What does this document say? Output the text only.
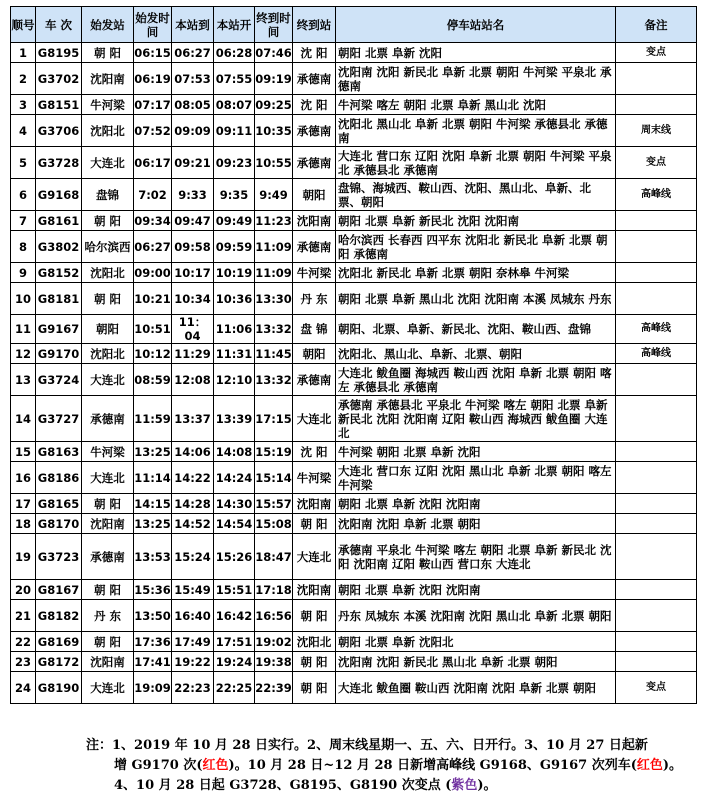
顺号	车 次	始发站	始发时间	本站到	本站开	终到时间	终到站	停车站站名	备注
1	G8195	朝 阳	06:15	06:27	06:28	07:46	沈 阳	朝阳 北票 阜新 沈阳	变点
2	G3702	沈阳南	06:19	07:53	07:55	09:19	承德南	沈阳南 沈阳 新民北 阜新 北票 朝阳 牛河梁 平泉北 承德南	
3	G8151	牛河梁	07:17	08:05	08:07	09:25	沈 阳	牛河梁 喀左 朝阳 北票 阜新 黑山北 沈阳	
4	G3706	沈阳北	07:52	09:09	09:11	10:35	承德南	沈阳北 黑山北 阜新 北票 朝阳 牛河梁 承德县北 承德南	周末线
5	G3728	大连北	06:17	09:21	09:23	10:55	承德南	大连北 营口东 辽阳 沈阳 阜新 北票 朝阳 牛河梁 平泉北 承德县北 承德南	变点
6	G9168	盘锦	7:02	9:33	9:35	9:49	朝阳	盘锦、海城西、鞍山西、沈阳、黑山北、阜新、北票、朝阳	高峰线
7	G8161	朝 阳	09:34	09:47	09:49	11:23	沈阳南	朝阳 北票 阜新 新民北 沈阳 沈阳南	
8	G3802	哈尔滨西	06:27	09:58	09:59	11:09	承德南	哈尔滨西 长春西 四平东 沈阳北 新民北 阜新 北票 朝阳 承德南	
9	G8152	沈阳北	09:00	10:17	10:19	11:09	牛河梁	沈阳北 新民北 阜新 北票 朝阳 奈林皋 牛河梁	
10	G8181	朝 阳	10:21	10:34	10:36	13:30	丹 东	朝阳 北票 阜新 黑山北 沈阳 沈阳南 本溪 凤城东 丹东	
11	G9167	朝阳	10:51	11：04	11:06	13:32	盘 锦	朝阳、北票、阜新、新民北、沈阳、鞍山西、盘锦	高峰线
12	G9170	沈阳北	10:12	11:29	11:31	11:45	朝阳	沈阳北、黑山北、阜新、北票、朝阳	高峰线
13	G3724	大连北	08:59	12:08	12:10	13:32	承德南	大连北 鲅鱼圈 海城西 鞍山西 沈阳 阜新 北票 朝阳 喀左 承德县北 承德南	
14	G3727	承德南	11:59	13:37	13:39	17:15	大连北	承德南 承德县北 平泉北 牛河梁 喀左 朝阳 北票 阜新 新民北 沈阳 沈阳南 辽阳 鞍山西 海城西 鲅鱼圈 大连北	
15	G8163	牛河梁	13:25	14:06	14:08	15:19	沈 阳	牛河梁 朝阳 北票 阜新 沈阳	
16	G8186	大连北	11:14	14:22	14:24	15:14	牛河梁	大连北 营口东 辽阳 沈阳 黑山北 阜新 北票 朝阳 喀左 牛河梁	
17	G8165	朝 阳	14:15	14:28	14:30	15:57	沈阳南	朝阳 北票 阜新 沈阳 沈阳南	
18	G8170	沈阳南	13:25	14:52	14:54	15:08	朝 阳	沈阳南 沈阳 阜新 北票 朝阳	
19	G3723	承德南	13:53	15:24	15:26	18:47	大连北	承德南 平泉北 牛河梁 喀左 朝阳 北票 阜新 新民北 沈阳 沈阳南 辽阳 鞍山西 营口东 大连北	
20	G8167	朝 阳	15:36	15:49	15:51	17:18	沈阳南	朝阳 北票 阜新 沈阳 沈阳南	
21	G8182	丹 东	13:50	16:40	16:42	16:56	朝 阳	丹东 凤城东 本溪 沈阳南 沈阳 黑山北 阜新 北票 朝阳	
22	G8169	朝 阳	17:36	17:49	17:51	19:02	沈阳北	朝阳 北票 阜新 沈阳北	
23	G8172	沈阳南	17:41	19:22	19:24	19:38	朝 阳	沈阳南 沈阳 新民北 黑山北 阜新 北票 朝阳	
24	G8190	大连北	19:09	22:23	22:25	22:39	朝 阳	大连北 鲅鱼圈 鞍山西 沈阳南 沈阳 阜新 北票 朝阳	变点
注：1、2019 年 10 月 28 日实行。2、周末线星期一、五、六、日开行。3、10 月 27 日起新
增 G9170 次(红色)。10 月 28 日~12 月 28 日新增高峰线 G9168、G9167 次列车(红色)。
4、10 月 28 日起 G3728、G8195、G8190 次变点 (紫色)。
